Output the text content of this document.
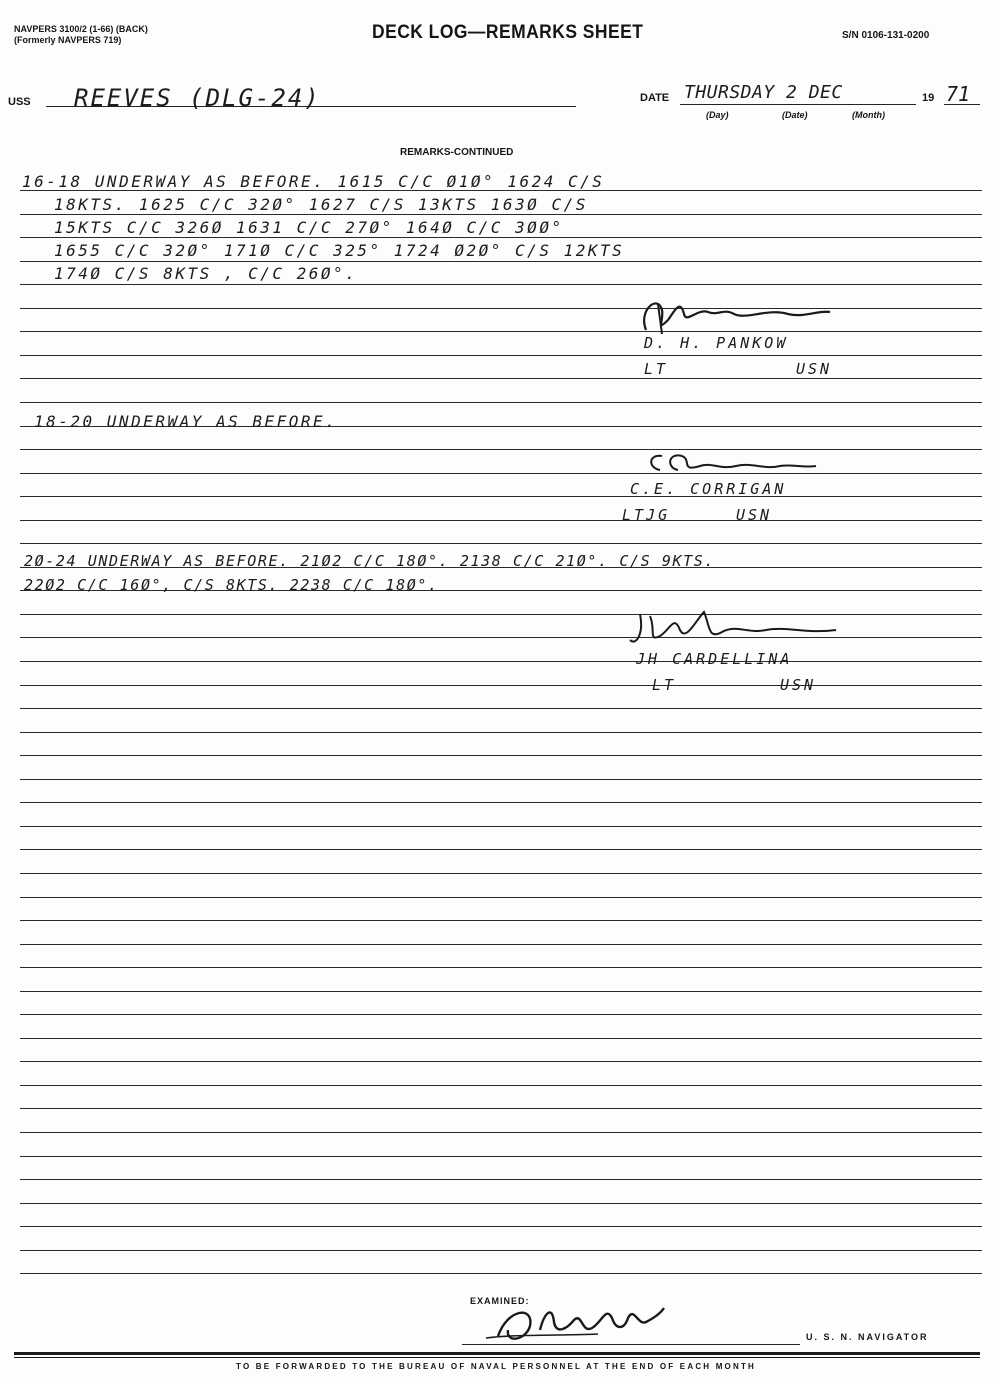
NAVPERS 3100/2 (1-66) (BACK)
(Formerly NAVPERS 719)	DECK LOG—REMARKS SHEET	S/N 0106-131-0200
USS REEVES (DLG-24)	DATE THURSDAY 2 DEC	19 71
(Day)	(Date)	(Month)
REMARKS-CONTINUED
16-18 UNDERWAY AS BEFORE. 1615 C/C Ø1Ø° 1624 C/S
18KTS. 1625 C/C 32Ø° 1627 C/S 13KTS 163Ø C/S
15KTS C/C 326Ø 1631 C/C 27Ø° 164Ø C/C 3ØØ°
1655 C/C 32Ø° 171Ø C/C 325° 1724 Ø2Ø° C/S 12KTS
174Ø C/S 8KTS , C/C 26Ø°.
D. H. PANKOW
LT	USN
18-20 UNDERWAY AS BEFORE.
C.E. CORRIGAN
LTJG	USN
2Ø-24 UNDERWAY AS BEFORE. 21Ø2 C/C 18Ø°. 2138 C/C 21Ø°. C/S 9KTS.
22Ø2 C/C 16Ø°, C/S 8KTS. 2238 C/C 18Ø°.
JH CARDELLINA
LT	USN
EXAMINED:
U. S. N. NAVIGATOR
TO BE FORWARDED TO THE BUREAU OF NAVAL PERSONNEL AT THE END OF EACH MONTH
